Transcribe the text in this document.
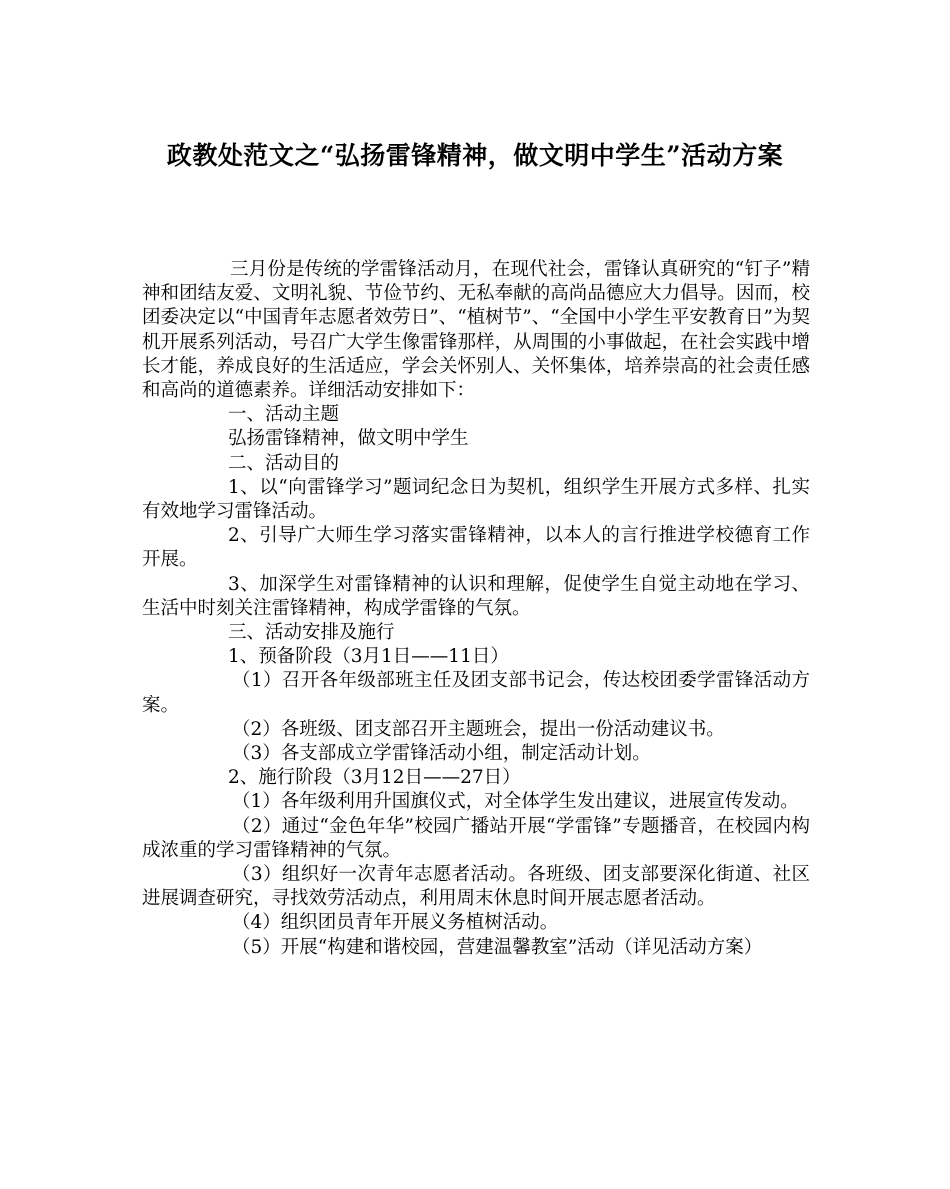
政教处范文之“弘扬雷锋精神，做文明中学生”活动方案

三月份是传统的学雷锋活动月，在现代社会，雷锋认真研究的“钉子”精神和团结友爱、文明礼貌、节俭节约、无私奉献的高尚品德应大力倡导。因而，校团委决定以“中国青年志愿者效劳日”、“植树节”、“全国中小学生平安教育日”为契机开展系列活动，号召广大学生像雷锋那样，从周围的小事做起，在社会实践中增长才能，养成良好的生活适应，学会关怀别人、关怀集体，培养崇高的社会责任感和高尚的道德素养。详细活动安排如下：

一、活动主题

弘扬雷锋精神，做文明中学生

二、活动目的

1、以“向雷锋学习”题词纪念日为契机，组织学生开展方式多样、扎实有效地学习雷锋活动。

2、引导广大师生学习落实雷锋精神，以本人的言行推进学校德育工作开展。

3、加深学生对雷锋精神的认识和理解，促使学生自觉主动地在学习、生活中时刻关注雷锋精神，构成学雷锋的气氛。

三、活动安排及施行

1、预备阶段（3月1日——11日）

（1）召开各年级部班主任及团支部书记会，传达校团委学雷锋活动方案。

（2）各班级、团支部召开主题班会，提出一份活动建议书。

（3）各支部成立学雷锋活动小组，制定活动计划。

2、施行阶段（3月12日——27日）

（1）各年级利用升国旗仪式，对全体学生发出建议，进展宣传发动。

（2）通过“金色年华”校园广播站开展“学雷锋”专题播音，在校园内构成浓重的学习雷锋精神的气氛。

（3）组织好一次青年志愿者活动。各班级、团支部要深化街道、社区进展调查研究，寻找效劳活动点，利用周末休息时间开展志愿者活动。

（4）组织团员青年开展义务植树活动。

（5）开展“构建和谐校园，营建温馨教室”活动（详见活动方案）
